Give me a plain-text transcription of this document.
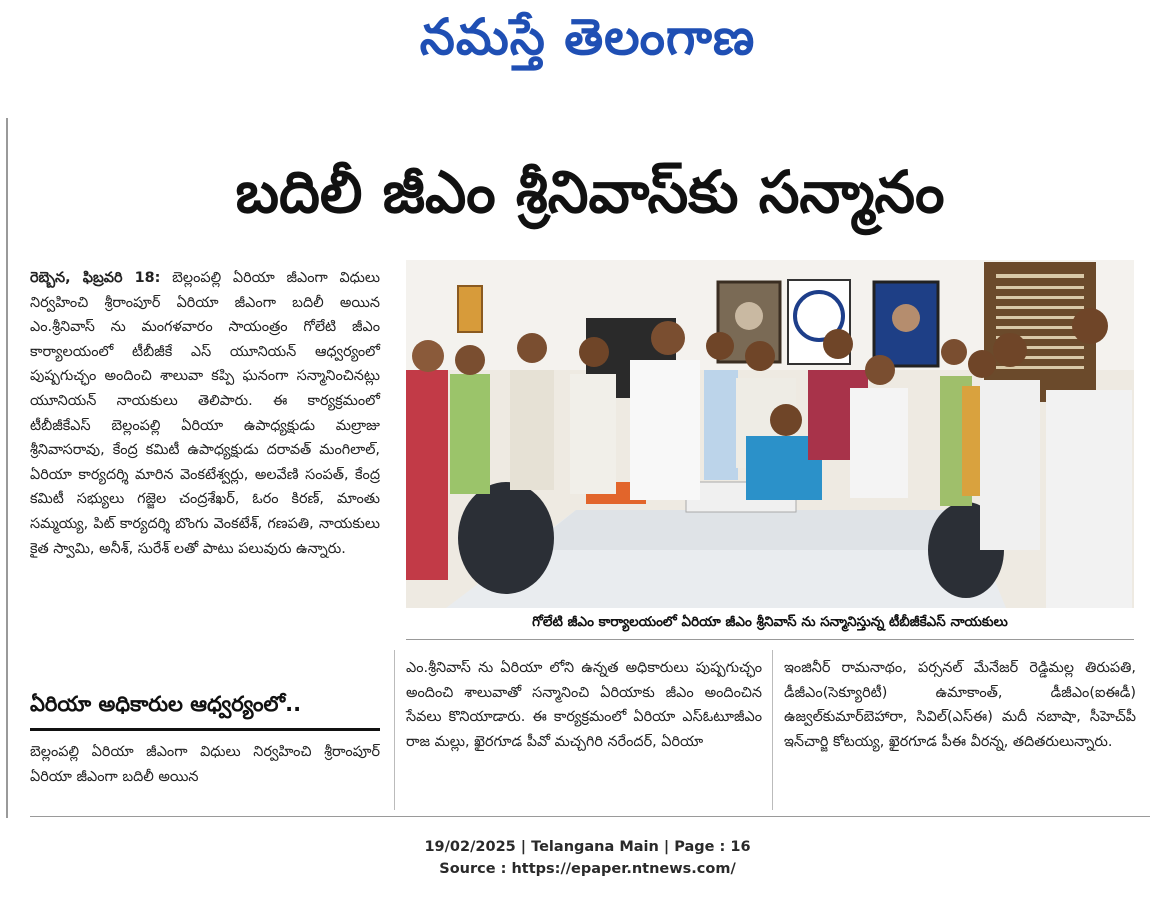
నమస్తే తెలంగాణ
బదిలీ జీఎం శ్రీనివాస్‌కు సన్మానం
రెబ్బెన, ఫిబ్రవరి 18: బెల్లంపల్లి ఏరియా జీఎంగా విధులు నిర్వహించి శ్రీరాంపూర్ ఏరియా జీఎంగా బదిలీ అయిన ఎం.శ్రీనివాస్ ను మంగళవారం సాయంత్రం గోలేటి జీఎం కార్యాలయంలో టీబీజీకే ఎస్ యూనియన్ ఆధ్వర్యంలో పుష్పగుచ్ఛం అందించి శాలువా కప్పి ఘనంగా సన్మానించినట్లు యూనియన్ నాయకులు తెలిపారు. ఈ కార్యక్రమంలో టీబీజీకేఎస్ బెల్లంపల్లి ఏరియా ఉపాధ్యక్షుడు మల్రాజు శ్రీనివాసరావు, కేంద్ర కమిటీ ఉపాధ్యక్షుడు దరావత్ మంగిలాల్, ఏరియా కార్యదర్శి మారిన వెంకటేశ్వర్లు, అలవేణి సంపత్, కేంద్ర కమిటీ సభ్యులు గజ్జెల చంద్రశేఖర్, ఓరం కిరణ్, మాంతు సమ్మయ్య, పిట్ కార్యదర్శి బొంగు వెంకటేశ్, గణపతి, నాయకులు కైత స్వామి, అనీశ్, సురేశ్ లతో పాటు పలువురు ఉన్నారు.
ఏరియా అధికారుల ఆధ్వర్యంలో..
బెల్లంపల్లి ఏరియా జీఎంగా విధులు నిర్వహించి శ్రీరాంపూర్ ఏరియా జీఎంగా బదిలీ అయిన
గోలేటి జీఎం కార్యాలయంలో ఏరియా జీఎం శ్రీనివాస్ ను సన్మానిస్తున్న టీబీజీకేఎస్ నాయకులు
ఎం.శ్రీనివాస్ ను ఏరియా లోని ఉన్నత అధికారులు పుష్పగుచ్ఛం అందించి శాలువాతో సన్మానించి ఏరియాకు జీఎం అందించిన సేవలు కొనియాడారు. ఈ కార్యక్రమంలో ఏరియా ఎస్ఓటూజీఎం రాజ మల్లు, ఖైరగూడ పీవో మచ్చగిరి నరేందర్, ఏరియా
ఇంజినీర్ రామనాథం, పర్సనల్ మేనేజర్ రెడ్డిమల్ల తిరుపతి, డీజీఎం(సెక్యూరిటీ) ఉమాకాంత్, డీజీఎం(ఐఈడీ) ఉజ్వల్‌కుమార్‌బెహారా, సివిల్(ఎస్ఈ) మదీ నబాషా, సీహెచ్‌పీ ఇన్‌చార్జి కోటయ్య, ఖైరగూడ పీఈ వీరన్న, తదితరులున్నారు.
19/02/2025 | Telangana Main | Page : 16
Source : https://epaper.ntnews.com/
